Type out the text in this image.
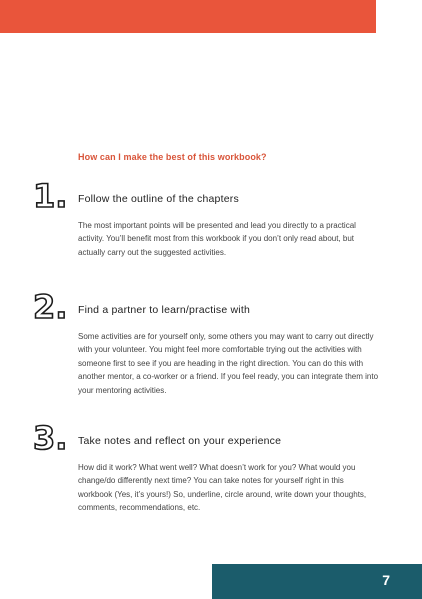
How can I make the best of this workbook?
1. Follow the outline of the chapters

The most important points will be presented and lead you directly to a practical activity. You’ll benefit most from this workbook if you don’t only read about, but actually carry out the suggested activities.

2. Find a partner to learn/practise with

Some activities are for yourself only, some others you may want to carry out directly with your volunteer. You might feel more comfortable trying out the activities with someone first to see if you are heading in the right direction. You can do this with another mentor, a co-worker or a friend. If you feel ready, you can integrate them into your mentoring activities.

3. Take notes and reflect on your experience

How did it work? What went well? What doesn’t work for you? What would you change/do differently next time? You can take notes for yourself right in this workbook (Yes, it’s yours!) So, underline, circle around, write down your thoughts, comments, recommendations, etc.

7
